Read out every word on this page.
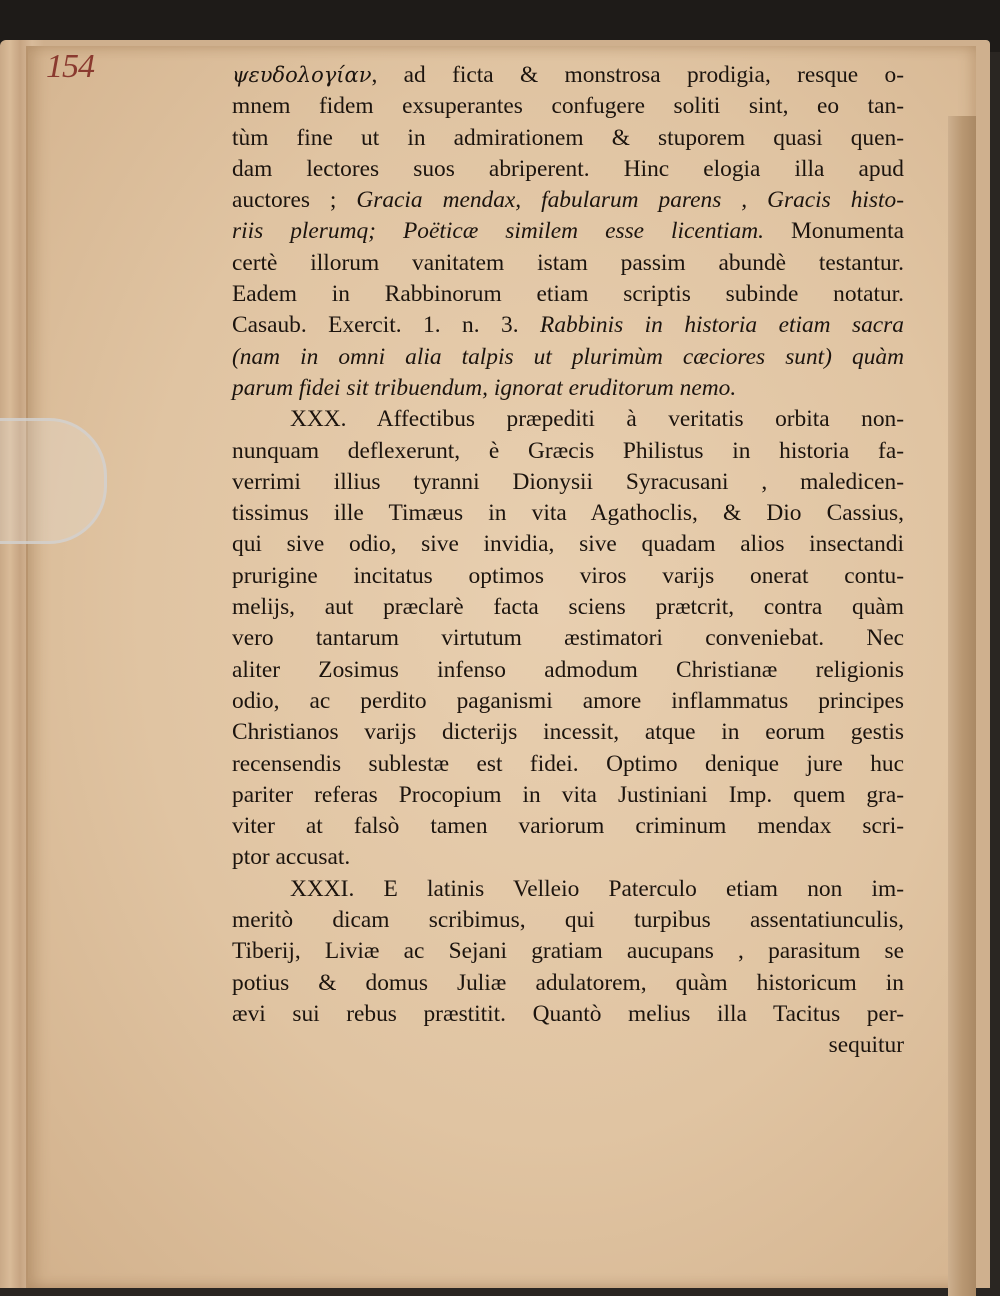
154	ψευδολογίαν, ad ficta & monstrosa prodigia, resque o-
mnem fidem exsuperantes confugere soliti sint, eo tan-
tùm fine ut in admirationem & stuporem quasi quen-
dam lectores suos abriperent. Hinc elogia illa apud
auctores ; Gracia mendax, fabularum parens , Gracis histo-
riis plerumq; Poëticæ similem esse licentiam. Monumenta
certè illorum vanitatem istam passim abundè testantur.
Eadem in Rabbinorum etiam scriptis subinde notatur.
Casaub. Exercit. 1. n. 3. Rabbinis in historia etiam sacra
(nam in omni alia talpis ut plurimùm cæciores sunt) quàm
parum fidei sit tribuendum, ignorat eruditorum nemo.
XXX. Affectibus præpediti à veritatis orbita non-
nunquam deflexerunt, è Græcis Philistus in historia fa-
verrimi illius tyranni Dionysii Syracusani , maledicen-
tissimus ille Timæus in vita Agathoclis, & Dio Cassius,
qui sive odio, sive invidia, sive quadam alios insectandi
prurigine incitatus optimos viros varijs onerat contu-
melijs, aut præclarè facta sciens prætcrit, contra quàm
vero tantarum virtutum æstimatori conveniebat. Nec
aliter Zosimus infenso admodum Christianæ religionis
odio, ac perdito paganismi amore inflammatus principes
Christianos varijs dicterijs incessit, atque in eorum gestis
recensendis sublestæ est fidei. Optimo denique jure huc
pariter referas Procopium in vita Justiniani Imp. quem gra-
viter at falsò tamen variorum criminum mendax scri-
ptor accusat.
XXXI. E latinis Velleio Paterculo etiam non im-
meritò dicam scribimus, qui turpibus assentatiunculis,
Tiberij, Liviæ ac Sejani gratiam aucupans , parasitum se
potius & domus Juliæ adulatorem, quàm historicum in
ævi sui rebus præstitit. Quantò melius illa Tacitus per-
sequitur
